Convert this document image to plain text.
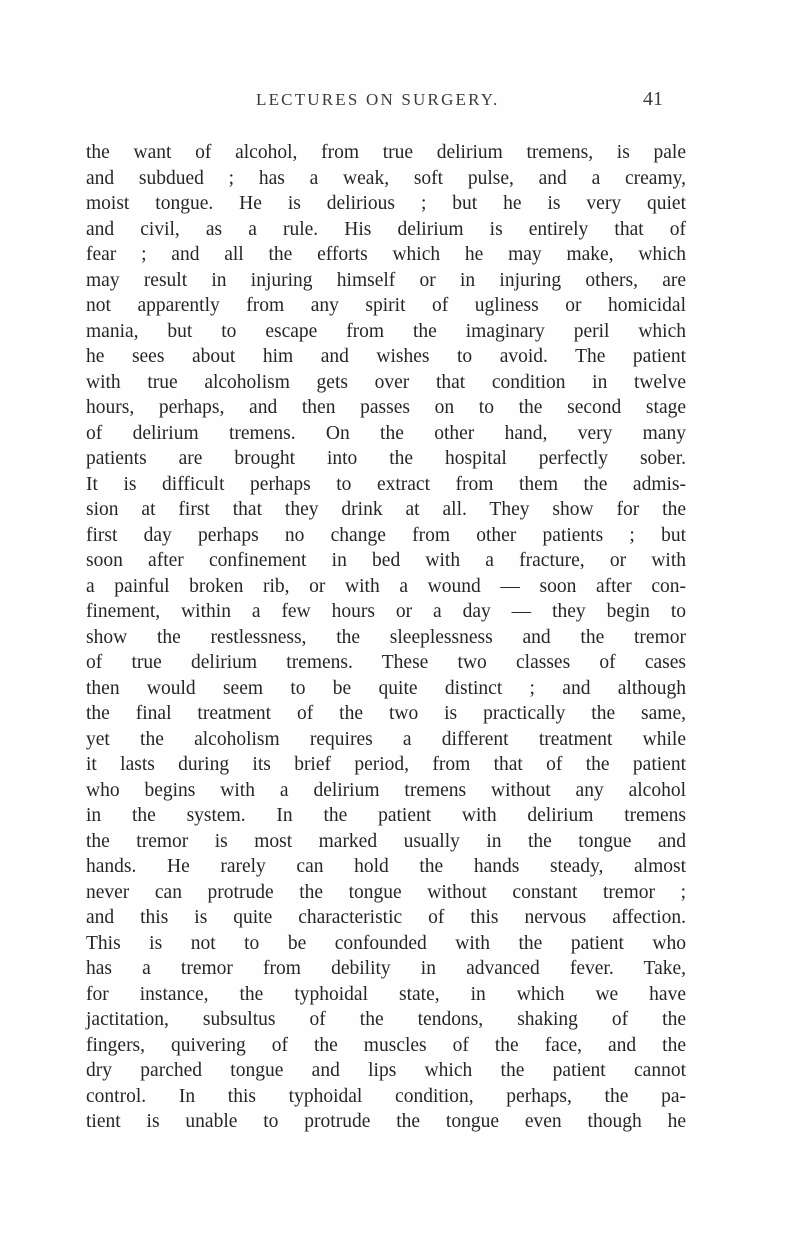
LECTURES ON SURGERY.	41
the want of alcohol, from true delirium tremens, is pale
and subdued ; has a weak, soft pulse, and a creamy,
moist tongue. He is delirious ; but he is very quiet
and civil, as a rule. His delirium is entirely that of
fear ; and all the efforts which he may make, which
may result in injuring himself or in injuring others, are
not apparently from any spirit of ugliness or homicidal
mania, but to escape from the imaginary peril which
he sees about him and wishes to avoid. The patient
with true alcoholism gets over that condition in twelve
hours, perhaps, and then passes on to the second stage
of delirium tremens. On the other hand, very many
patients are brought into the hospital perfectly sober.
It is difficult perhaps to extract from them the admis-
sion at first that they drink at all. They show for the
first day perhaps no change from other patients ; but
soon after confinement in bed with a fracture, or with
a painful broken rib, or with a wound — soon after con-
finement, within a few hours or a day — they begin to
show the restlessness, the sleeplessness and the tremor
of true delirium tremens. These two classes of cases
then would seem to be quite distinct ; and although
the final treatment of the two is practically the same,
yet the alcoholism requires a different treatment while
it lasts during its brief period, from that of the patient
who begins with a delirium tremens without any alcohol
in the system. In the patient with delirium tremens
the tremor is most marked usually in the tongue and
hands. He rarely can hold the hands steady, almost
never can protrude the tongue without constant tremor ;
and this is quite characteristic of this nervous affection.
This is not to be confounded with the patient who
has a tremor from debility in advanced fever. Take,
for instance, the typhoidal state, in which we have
jactitation, subsultus of the tendons, shaking of the
fingers, quivering of the muscles of the face, and the
dry parched tongue and lips which the patient cannot
control. In this typhoidal condition, perhaps, the pa-
tient is unable to protrude the tongue even though he
